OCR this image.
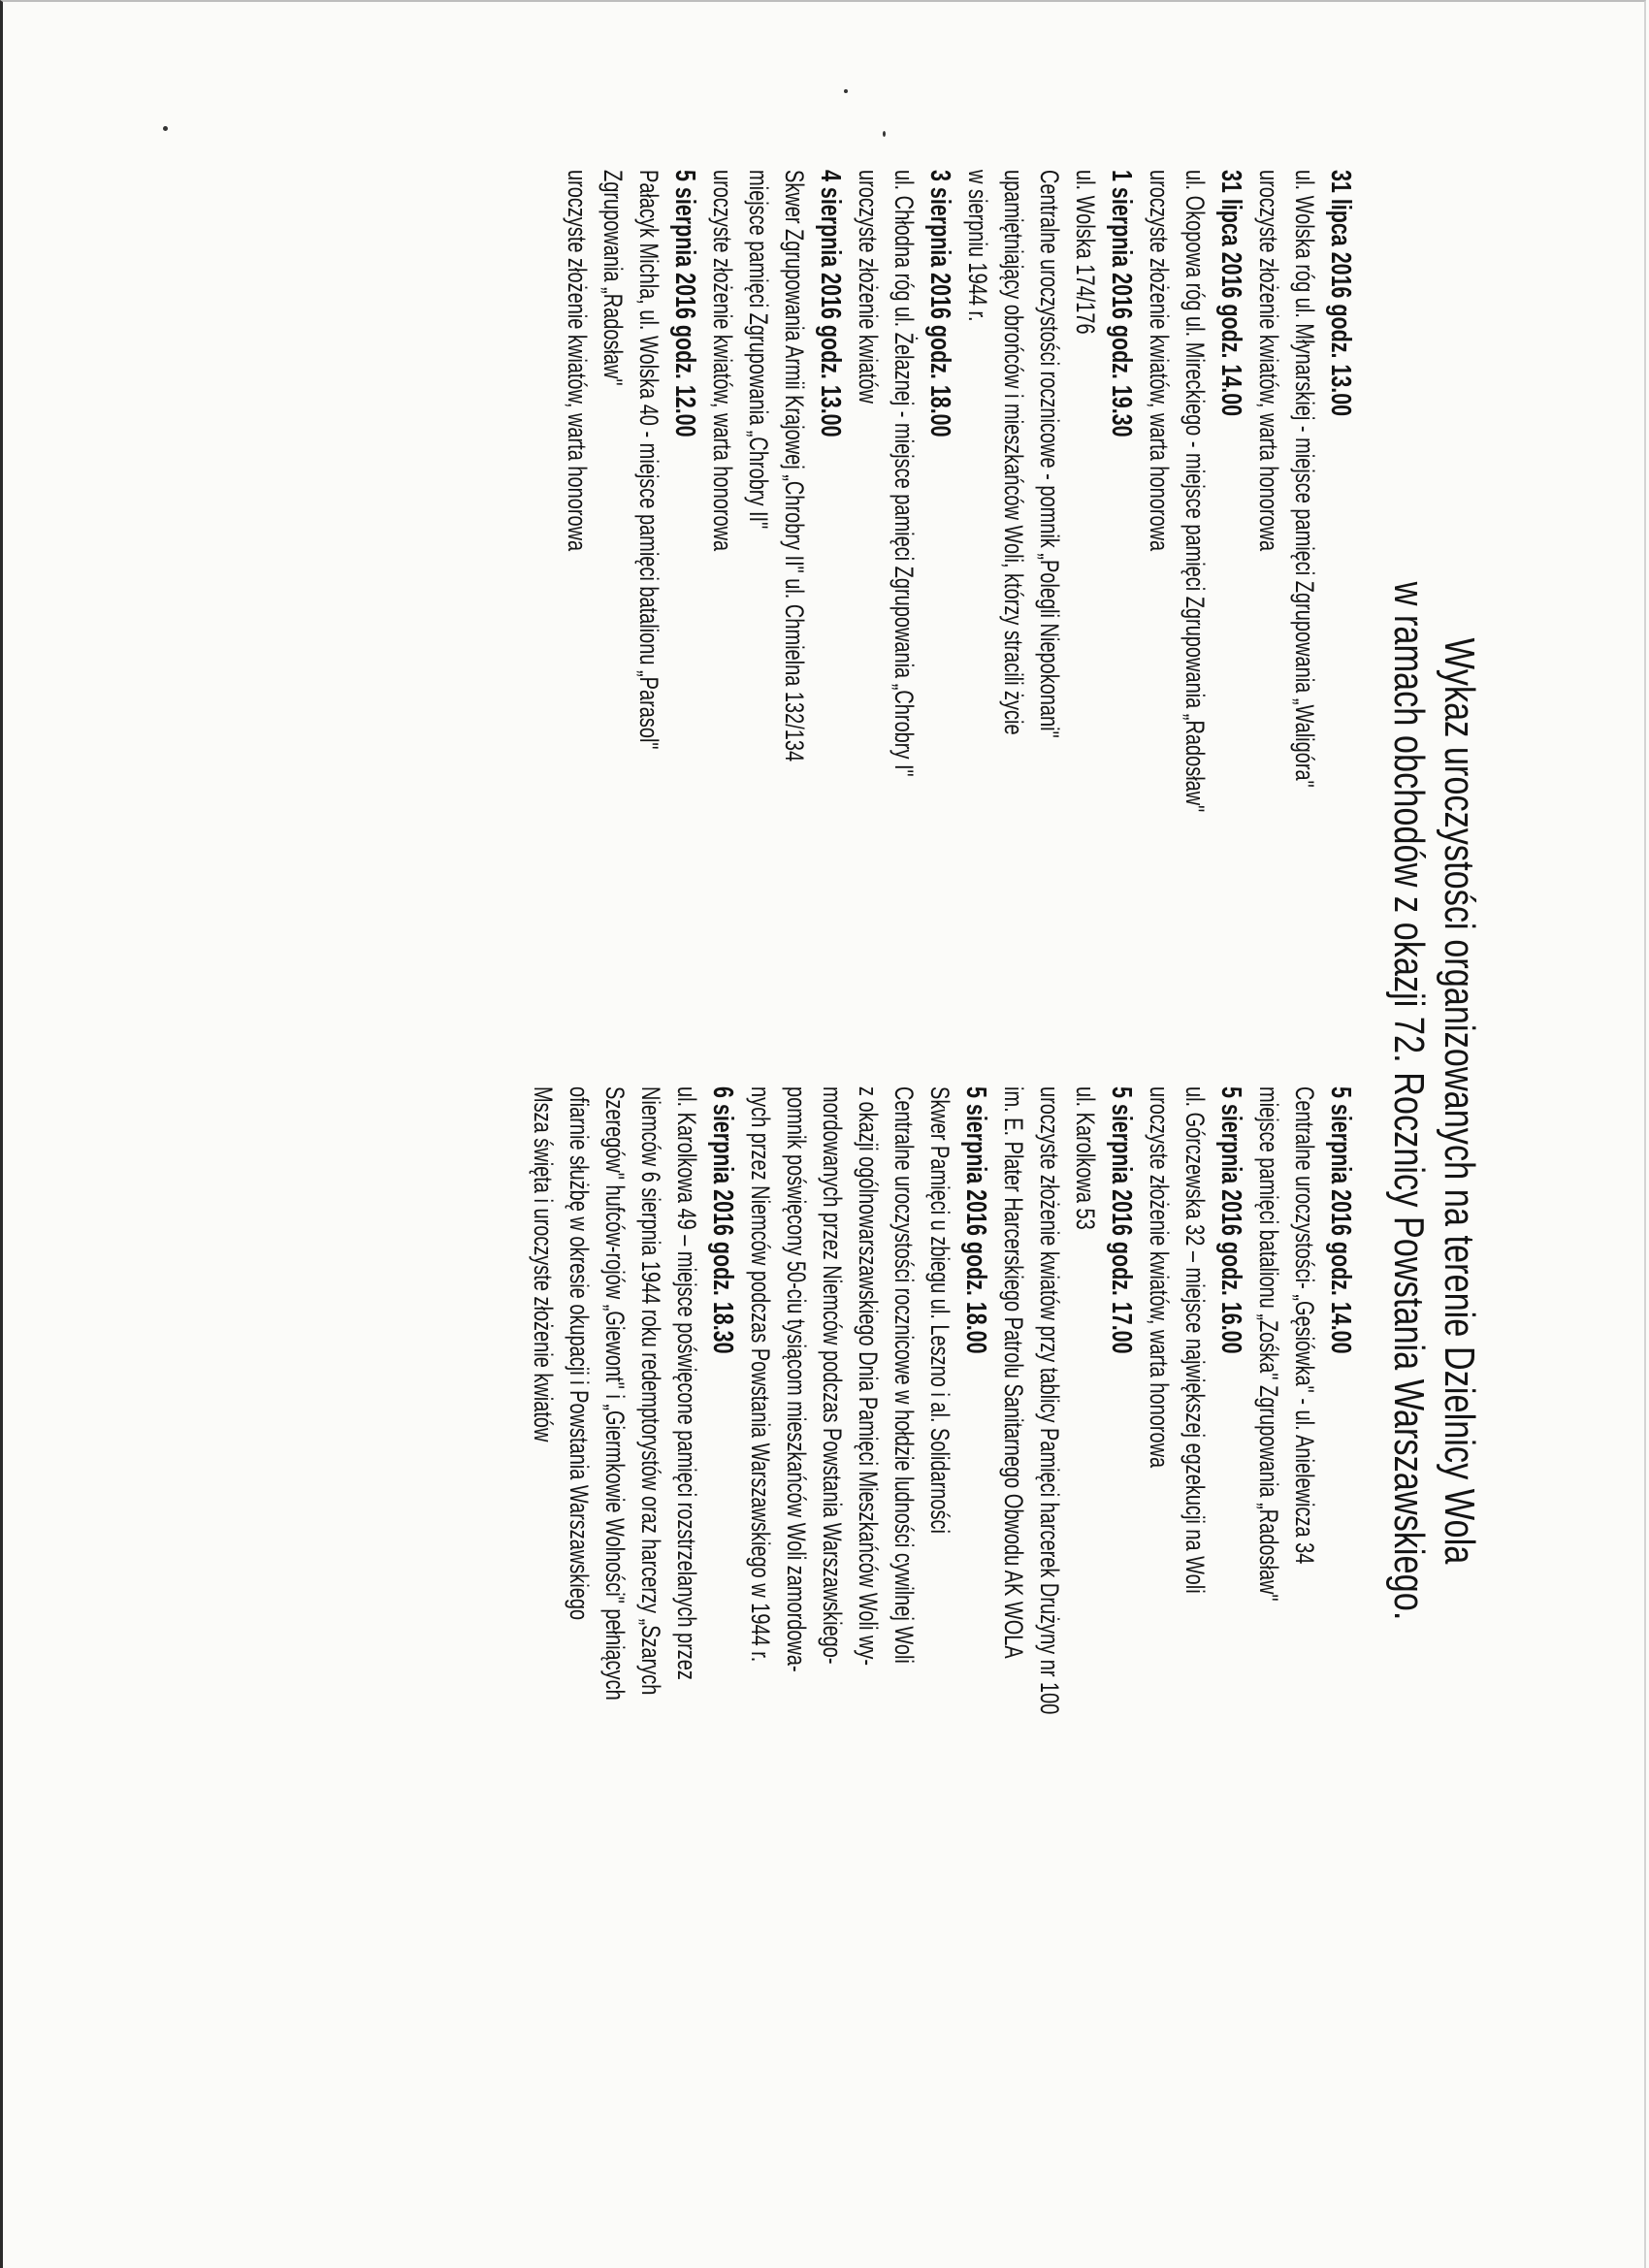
Wykaz uroczystości organizowanych na terenie Dzielnicy Wola
w ramach obchodów z okazji 72. Rocznicy Powstania Warszawskiego.
31 lipca 2016 godz. 13.00
ul. Wolska róg ul. Młynarskiej - miejsce pamięci Zgrupowania „Waligóra"
uroczyste złożenie kwiatów, warta honorowa
31 lipca 2016 godz. 14.00
ul. Okopowa róg ul. Mireckiego - miejsce pamięci Zgrupowania „Radosław"
uroczyste złożenie kwiatów, warta honorowa
1 sierpnia 2016 godz. 19.30
ul. Wolska 174/176
Centralne uroczystości rocznicowe - pomnik „Polegli Niepokonani"
upamiętniający obrońców i mieszkańców Woli, którzy stracili życie
w sierpniu 1944 r.
3 sierpnia 2016 godz. 18.00
ul. Chłodna róg ul. Żelaznej - miejsce pamięci Zgrupowania „Chrobry I"
uroczyste złożenie kwiatów
4 sierpnia 2016 godz. 13.00
Skwer Zgrupowania Armii Krajowej „Chrobry II" ul. Chmielna 132/134
miejsce pamięci Zgrupowania „Chrobry II"
uroczyste złożenie kwiatów, warta honorowa
5 sierpnia 2016 godz. 12.00
Pałacyk Michla, ul. Wolska 40 - miejsce pamięci batalionu „Parasol"
Zgrupowania „Radosław"
uroczyste złożenie kwiatów, warta honorowa
5 sierpnia 2016 godz. 14.00
Centralne uroczystości- „Gęsiówka" - ul. Anielewicza 34
miejsce pamięci batalionu „Zośka" Zgrupowania „Radosław"
5 sierpnia 2016 godz. 16.00
ul. Górczewska 32 – miejsce największej egzekucji na Woli
uroczyste złożenie kwiatów, warta honorowa
5 sierpnia 2016 godz. 17.00
ul. Karolkowa 53
uroczyste złożenie kwiatów przy tablicy Pamięci harcerek Drużyny nr 100
im. E. Plater Harcerskiego Patrolu Sanitarnego Obwodu AK WOLA
5 sierpnia 2016 godz. 18.00
Skwer Pamięci u zbiegu ul. Leszno i al. Solidarności
Centralne uroczystości rocznicowe w hołdzie ludności cywilnej Woli
z okazji ogólnowarszawskiego Dnia Pamięci Mieszkańców Woli wy-
mordowanych przez Niemców podczas Powstania Warszawskiego-
pomnik poświęcony 50-ciu tysiącom mieszkańców Woli zamordowa-
nych przez Niemców podczas Powstania Warszawskiego w 1944 r.
6 sierpnia 2016 godz. 18.30
ul. Karolkowa 49 – miejsce poświęcone pamięci rozstrzelanych przez
Niemców 6 sierpnia 1944 roku redemptorystów oraz harcerzy „Szarych
Szeregów" hufców-rojów „Giewont" i „Giermkowie Wolności" pełniących
ofiarnie służbę w okresie okupacji i Powstania Warszawskiego
Msza święta i uroczyste złożenie kwiatów
